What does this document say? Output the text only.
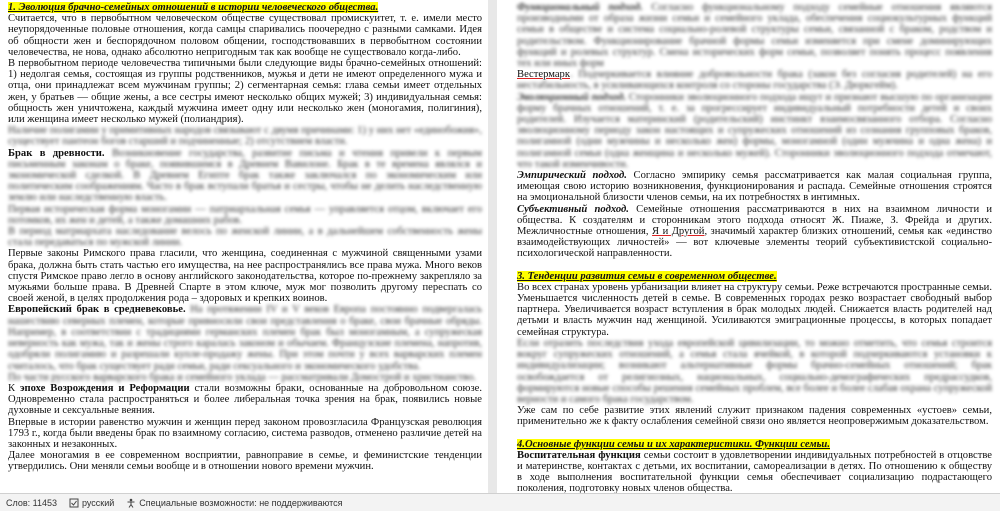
1. Эволюция брачно-семейных отношений в истории человеческого общества.

Считается, что в первобытном человеческом обществе существовал промискуитет, т. е. имели место неупорядоченные половые отношения, когда самцы спаривались поочередно с разными самками. Идея об общности жен и беспорядочном половом общении, господствовавших в первобытном состоянии человечества, не нова, однако абсолютно непригодным так как вообще не существовало когда-либо.

В первобытном периоде человечества типичными были следующие виды брачно-семейных отношений: 1) недолгая семья, состоящая из группы родственников, мужья и дети не имеют определенного мужа и отца, они принадлежат всем мужчинам группы; 2) сегментарная семья: глава семьи имеет отдельных жен, у братьев — общие жены, а все сестры имеют несколько общих мужей; 3) индивидуальная семья: общность жен уничтожена, каждый мужчина имеет одну или несколько жен (моногамия, полигиния), или женщина имеет несколько мужей (полиандрия).

Наличие полигамии у примитивных народов связывают с двумя причинами: 1) у них нет «единобожия», существует пантеон богов старший и подчиненные; 2) отсутствием власти.

Брак в древности. Возникновение государства, развитие письма и чтения привели к первым письменным законам о браке, появившимся в Древнем Вавилоне. Брак в те времена являлся и экономической сделкой. В Древнем Египте брак также заключался по экономическим или политическим соображениям. Часто в брак вступали братья и сестры, чтобы не делить наследственную землю или наследственную власть.

Первая историческая форма моногамии — патриархальная семья — управляется отцом, включает его потомков, их жен и детей, а также домашних рабов.

В период матриархата наследование велось по женской линии, а в дальнейшем собственность жены стала передаваться по мужской линии.

Первые законы Римского права гласили, что женщина, соединенная с мужчиной священными узами брака, должна быть стать частью его имущества, на нее распространялись все права мужа. Много веков спустя Римское право легло в основу английского законодательства, которое по-прежнему закрепляло за мужьями больше права. В Древней Спарте в этом ключе, муж мог позволить другому переспать со своей женой, в целях продолжения рода – здоровых и крепких воинов.

Европейский брак в средневековье. На протяжении IV и V веков Европа постоянно подвергалась нашествию северных племен, которые привносили свои представления о браке, свои брачные обряды. Например, в соответствии с традициями германских племен брак был моногамным, а супружеская неверность как мужа, так и жены строго каралась законом и обычаем. Французские племена, напротив, одобряли полигамию и разрешали купле-продажу жены. При этом почти у всех варварских племен считалось, что брак существует ради семьи, ради сексуального и экономического удобства.

По части русского варварского брака и семейного уклада — рассматривали Домострой и христианство.

К эпохе Возрождения и Реформации стали возможны браки, основанные на добровольном союзе. Одновременно стала распространяться и более либеральная точка зрения на брак, появились новые духовные и сексуальные веяния.

Впервые в истории равенство мужчин и женщин перед законом провозгласила Французская революция 1793 г., когда были введены брак по взаимному согласию, система разводов, отменено различие детей на законных и незаконных.

Далее моногамия в ее современном восприятии, равноправие в семье, и феминистские тенденции утвердились. Они меняли семьи вообще и в отношении нового времени мужчин.

Функциональный подход. Согласно функциональному подходу семейные отношения являются производными от образа жизни семьи и семейного уклада, обеспечения социокультурных функций семьи в обществе и система социально-ролевой структуры семьи, связанной с браком, родством и родительством. Функционирование брачной формы семьи изменяется при смене доминирующих функций и ролевых структур. Смена исторических форм семьи, позволяет понять процесс появления тех или иных форм

Вестермарк. Подчеркивается влияние добровольности брака (закон без согласия родителей) на его нестабильность, в усиливающихся контроля со стороны государства (Э. Дюркгейм).

Эволюционный подход. Сторонники эволюционного подхода ищут и признают высшую по организации форму брачных отношений, т. е. за прогрессирует индивидуальный потребности детей и своих родителей. Изучается материнский (родительский) инстинкт взаимосвязанного отбора. Согласно эволюционному периоду закон настоящих и супружеских отношений из сознания групповых браков, полигамной (одни мужчины и несколько жен) формы, моногамной (один мужчина и одна жена) и полигамной семьи (одна женщина и несколько мужей). Сторонники эволюционного подхода отмечают, что такой изменчивости.

Эмпирический подход. Согласно эмпирику семья рассматривается как малая социальная группа, имеющая свою историю возникновения, функционирования и распада. Семейные отношения строятся на эмоциональной близости членов семьи, на их потребностях в интимных.

Субъективный подход. Семейные отношения рассматриваются в них на взаимном личности и общества. К создателям и сторонникам этого подхода относят Ж. Пиаже, З. Фрейда и других. Межличностные отношения, Я и Другой, значимый характер близких отношений, семья как «единство взаимодействующих личностей» — вот ключевые элементы теорий субъективистской социально-психологической направленности.

3. Тенденции развития семьи в современном обществе.

Во всех странах уровень урбанизации влияет на структуру семьи. Реже встречаются пространные семьи. Уменьшается численность детей в семье. В современных городах резко возрастает свободный выбор партнера. Увеличивается возраст вступления в брак молодых людей. Снижается власть родителей над детьми и власть мужчин над женщиной. Усиливаются эмиграционные процессы, в которых попадает семейная структура.

Если отразить последствия ухода европейской цивилизации, то можно отметить, что семья строится вокруг супружеских отношений, а семья стала ячейкой, в которой подчеркиваются установки к индивидуализации; возникают альтернативные формы брачно-семейных отношений; брак освобождается от религиозных, национальных, социально-демографических предрассудков, формируются новые способы решения семейных проблем, все более и более слабая охрана супружеской верности и самого брака государством.

Уже сам по себе развитие этих явлений служит признаком падения современных «устоев» семьи, применительно же к факту ослабления семейной связи оно является неопровержимым доказательством.

4.Основные функции семьи и их характеристики. Функции семьи.

Воспитательная функция семьи состоит в удовлетворении индивидуальных потребностей в отцовстве и материнстве, контактах с детьми, их воспитании, самореализации в детях. По отношению к обществу в ходе выполнения воспитательной функции семья обеспечивает социализацию подрастающего поколения, подготовку новых членов общества.

Слов: 11453	русский	Специальные возможности: не поддерживаются
